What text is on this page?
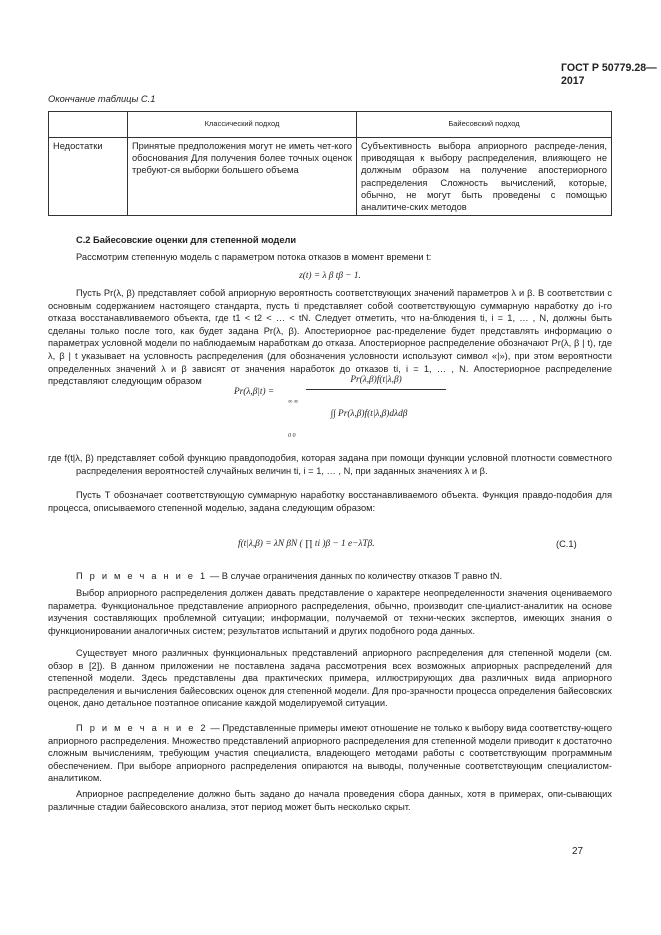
ГОСТ Р 50779.28—2017
Окончание таблицы С.1
	Классический подход	Байесовский подход
Недостатки	Принятые предположения могут не иметь чет-кого обоснования Для получения более точных оценок требуют-ся выборки большего объема	Субъективность выбора априорного распреде-ления, приводящая к выбору распределения, влияющего не должным образом на получение апостериорного распределения Сложность вычислений, которые, обычно, не могут быть проведены с помощью аналитиче-ских методов
С.2 Байесовские оценки для степенной модели

Рассмотрим степенную модель с параметром потока отказов в момент времени t:

z(t) = λ β tβ − 1.

Пусть Pr(λ, β) представляет собой априорную вероятность соответствующих значений параметров λ и β. В соответствии с основным содержанием настоящего стандарта, пусть ti представляет собой соответствующую суммарную наработку до i-го отказа восстанавливаемого объекта, где t1 < t2 < … < tN. Следует отметить, что на-блюдения ti, i = 1, … , N, должны быть сделаны только после того, как будет задана Pr(λ, β). Апостериорное рас-пределение будет представлять информацию о параметрах условной модели по наблюдаемым наработкам до отказа. Апостериорное распределение обозначают Pr(λ, β | t), где λ, β | t указывает на условность распределения (для обозначения условности используют символ «|»), при этом вероятности определенных значений λ и β зависят от значения наработок до отказов ti, i = 1, … , N. Апостериорное распределение представляют следующим образом

Pr(λ,β|t) =
Pr(λ,β)f(t|λ,β)
∞ ∞
0 0
∫∫ Pr(λ,β)f(t|λ,β)dλdβ

где f(t|λ, β) представляет собой функцию правдоподобия, которая задана при помощи функции условной плотности совместного распределения вероятностей случайных величин ti, i = 1, … , N, при заданных значениях λ и β.

Пусть T обозначает соответствующую суммарную наработку восстанавливаемого объекта. Функция правдо-подобия для процесса, описываемого степенной моделью, задана следующим образом:

f(t|λ,β) = λN βN ( ∏ ti )β − 1 e−λTβ.	(С.1)

П р и м е ч а н и е 1 — В случае ограничения данных по количеству отказов T равно tN.

Выбор априорного распределения должен давать представление о характере неопределенности значения оцениваемого параметра. Функциональное представление априорного распределения, обычно, производит спе-циалист-аналитик на основе изучения составляющих проблемной ситуации; информации, получаемой от техни-ческих экспертов, имеющих знания о функционировании аналогичных систем; результатов испытаний и других подобного рода данных.

Существует много различных функциональных представлений априорного распределения для степенной модели (см. обзор в [2]). В данном приложении не поставлена задача рассмотрения всех возможных априорных распределений для степенной модели. Здесь представлены два практических примера, иллюстрирующих два различных вида априорного распределения и вычисления байесовских оценок для степенной модели. Для про-зрачности процесса определения байесовских оценок, дано детальное поэтапное описание каждой моделируемой ситуации.

П р и м е ч а н и е 2 — Представленные примеры имеют отношение не только к выбору вида соответству-ющего априорного распределения. Множество представлений априорного распределения для степенной модели приводит к достаточно сложным вычислениям, требующим участия специалиста, владеющего методами работы с соответствующим программным обеспечением. При выборе априорного распределения опираются на выводы, полученные соответствующим специалистом-аналитиком.

Априорное распределение должно быть задано до начала проведения сбора данных, хотя в примерах, опи-сывающих различные стадии байесовского анализа, этот период может быть несколько скрыт.

27
